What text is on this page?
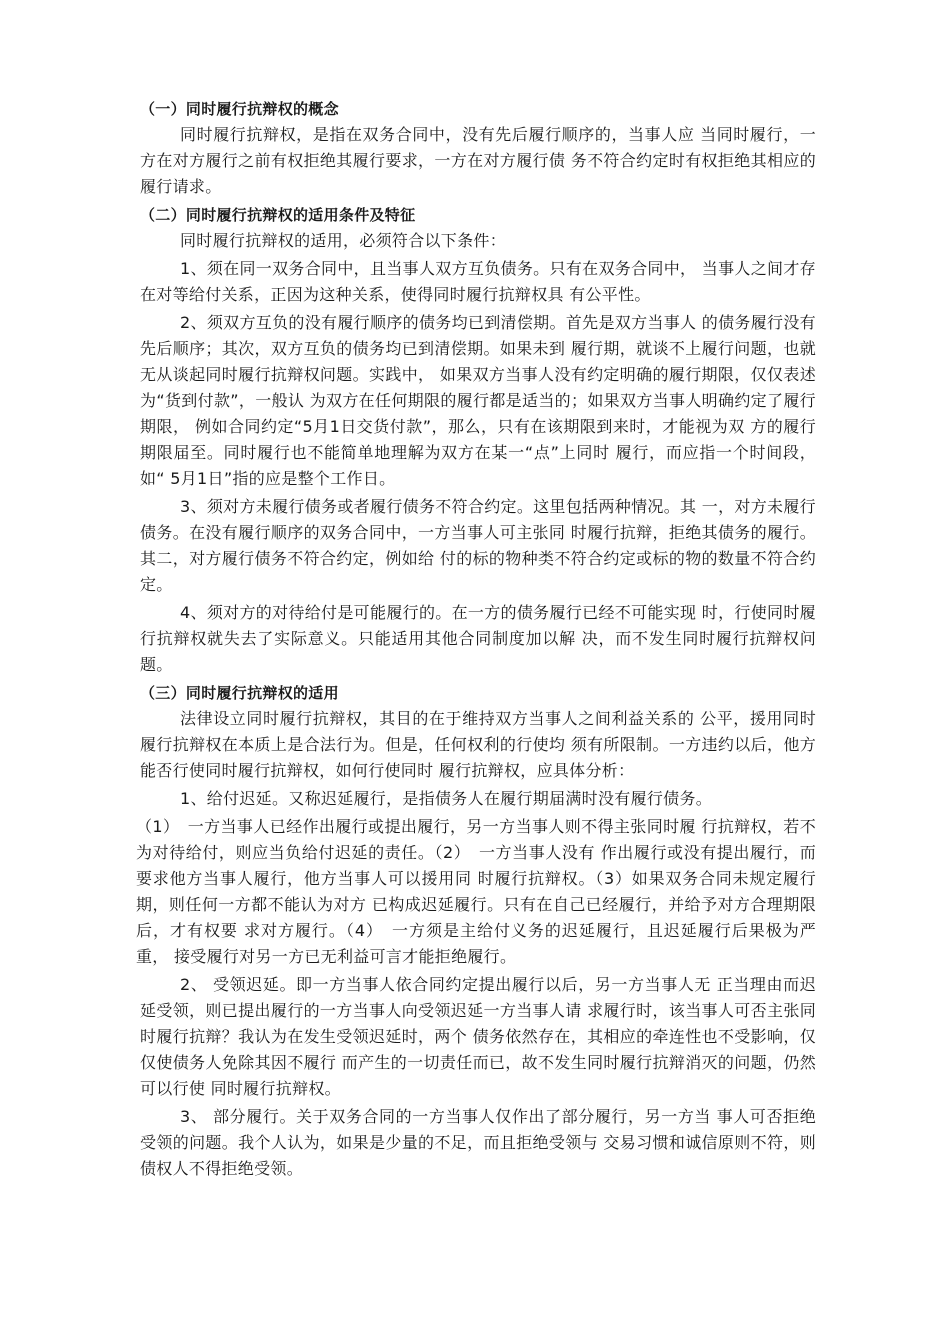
（一）同时履行抗辩权的概念

同时履行抗辩权，是指在双务合同中，没有先后履行顺序的，当事人应 当同时履行，一方在对方履行之前有权拒绝其履行要求，一方在对方履行债 务不符合约定时有权拒绝其相应的履行请求。

（二）同时履行抗辩权的适用条件及特征

同时履行抗辩权的适用，必须符合以下条件：

1、须在同一双务合同中，且当事人双方互负债务。只有在双务合同中， 当事人之间才存在对等给付关系，正因为这种关系，使得同时履行抗辩权具 有公平性。

2、须双方互负的没有履行顺序的债务均已到清偿期。首先是双方当事人 的债务履行没有先后顺序；其次，双方互负的债务均已到清偿期。如果未到 履行期，就谈不上履行问题，也就无从谈起同时履行抗辩权问题。实践中， 如果双方当事人没有约定明确的履行期限，仅仅表述为“货到付款”，一般认 为双方在任何期限的履行都是适当的；如果双方当事人明确约定了履行期限， 例如合同约定“5月1日交货付款”，那么，只有在该期限到来时，才能视为双 方的履行期限届至。同时履行也不能简单地理解为双方在某一“点”上同时 履行，而应指一个时间段，如“ 5月1日”指的应是整个工作日。

3、须对方未履行债务或者履行债务不符合约定。这里包括两种情况。其 一，对方未履行债务。在没有履行顺序的双务合同中，一方当事人可主张同 时履行抗辩，拒绝其债务的履行。其二，对方履行债务不符合约定，例如给 付的标的物种类不符合约定或标的物的数量不符合约定。

4、须对方的对待给付是可能履行的。在一方的债务履行已经不可能实现 时，行使同时履行抗辩权就失去了实际意义。只能适用其他合同制度加以解 决，而不发生同时履行抗辩权问题。

（三）同时履行抗辩权的适用

法律设立同时履行抗辩权，其目的在于维持双方当事人之间利益关系的 公平，援用同时履行抗辩权在本质上是合法行为。但是，任何权利的行使均 须有所限制。一方违约以后，他方能否行使同时履行抗辩权，如何行使同时 履行抗辩权，应具体分析：

1、给付迟延。又称迟延履行，是指债务人在履行期届满时没有履行债务。

（1）　一方当事人已经作出履行或提出履行，另一方当事人则不得主张同时履 行抗辩权，若不为对待给付，则应当负给付迟延的责任。（2）　一方当事人没有 作出履行或没有提出履行，而要求他方当事人履行，他方当事人可以援用同 时履行抗辩权。（3）如果双务合同未规定履行期，则任何一方都不能认为对方 已构成迟延履行。只有在自己已经履行，并给予对方合理期限后，才有权要 求对方履行。（4）　一方须是主给付义务的迟延履行，且迟延履行后果极为严重， 接受履行对另一方已无利益可言才能拒绝履行。

2、 受领迟延。即一方当事人依合同约定提出履行以后，另一方当事人无 正当理由而迟延受领，则已提出履行的一方当事人向受领迟延一方当事人请 求履行时，该当事人可否主张同时履行抗辩？我认为在发生受领迟延时，两个 债务依然存在，其相应的牵连性也不受影响，仅仅使债务人免除其因不履行 而产生的一切责任而已，故不发生同时履行抗辩消灭的问题，仍然可以行使 同时履行抗辩权。

3、 部分履行。关于双务合同的一方当事人仅作出了部分履行，另一方当 事人可否拒绝受领的问题。我个人认为，如果是少量的不足，而且拒绝受领与 交易习惯和诚信原则不符，则债权人不得拒绝受领。
